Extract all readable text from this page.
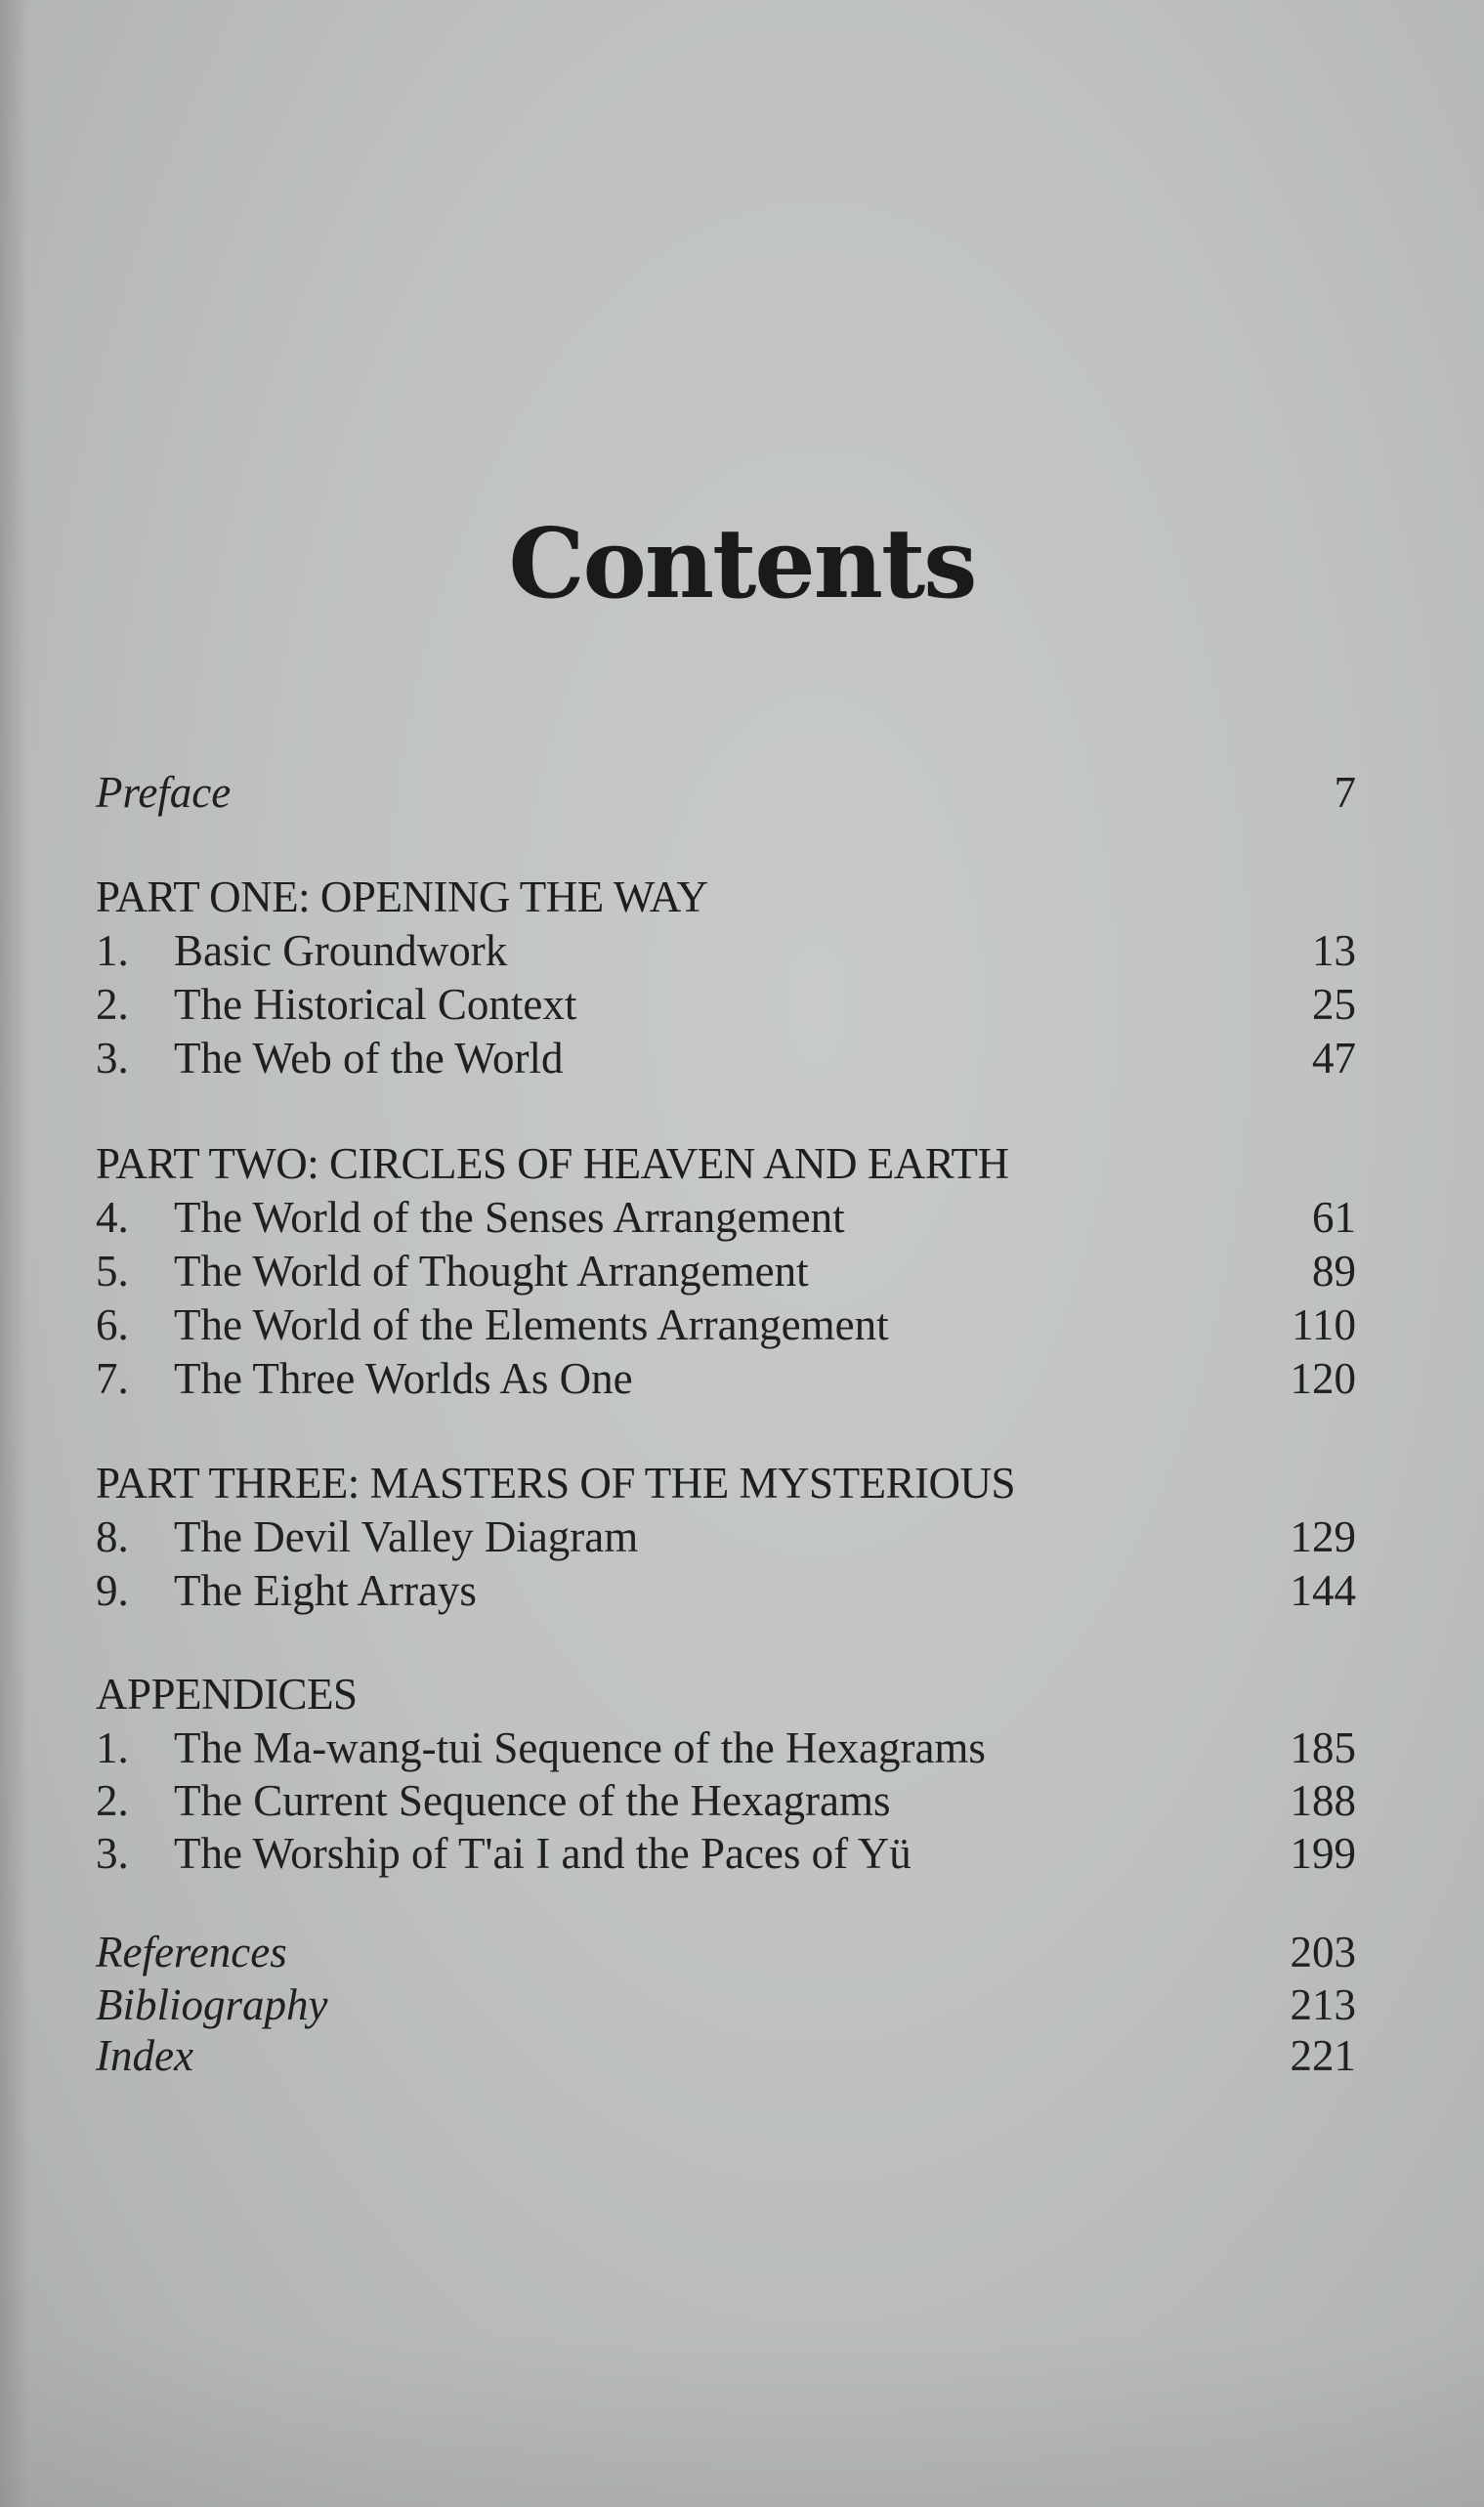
Contents
Preface	7
PART ONE: OPENING THE WAY
1. Basic Groundwork	13
2. The Historical Context	25
3. The Web of the World	47
PART TWO: CIRCLES OF HEAVEN AND EARTH
4. The World of the Senses Arrangement	61
5. The World of Thought Arrangement	89
6. The World of the Elements Arrangement	110
7. The Three Worlds As One	120
PART THREE: MASTERS OF THE MYSTERIOUS
8. The Devil Valley Diagram	129
9. The Eight Arrays	144
APPENDICES
1. The Ma-wang-tui Sequence of the Hexagrams	185
2. The Current Sequence of the Hexagrams	188
3. The Worship of T'ai I and the Paces of Yü	199
References	203
Bibliography	213
Index	221
